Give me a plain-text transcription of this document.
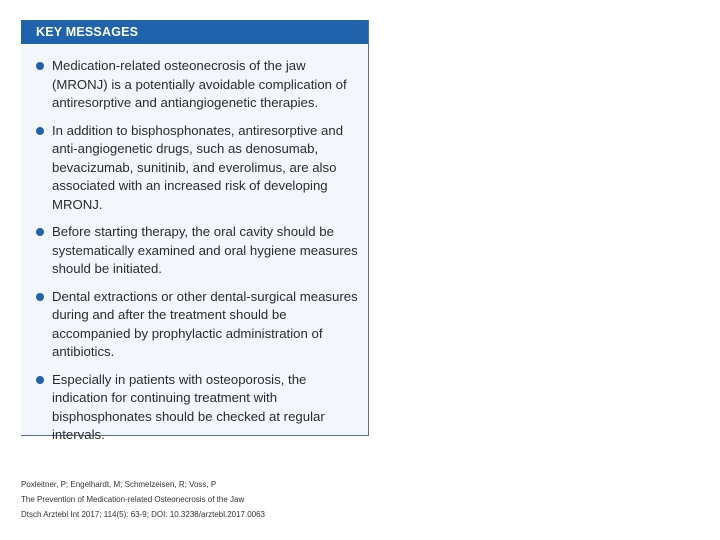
KEY MESSAGES
Medication-related osteonecrosis of the jaw (MRONJ) is a potentially avoidable complication of antiresorptive and antiangiogenetic therapies.
In addition to bisphosphonates, antiresorptive and anti-angiogenetic drugs, such as denosumab, bevacizumab, sunitinib, and everolimus, are also associated with an increased risk of developing MRONJ.
Before starting therapy, the oral cavity should be systematically examined and oral hygiene measures should be initiated.
Dental extractions or other dental-surgical measures during and after the treatment should be accompanied by prophylactic administration of antibiotics.
Especially in patients with osteoporosis, the indication for continuing treatment with bisphosphonates should be checked at regular intervals.
Poxleitner, P; Engelhardt, M; Schmelzeisen, R; Voss, P
The Prevention of Medication-related Osteonecrosis of the Jaw
Dtsch Arztebl Int 2017; 114(5): 63-9; DOI: 10.3238/arztebl.2017.0063
